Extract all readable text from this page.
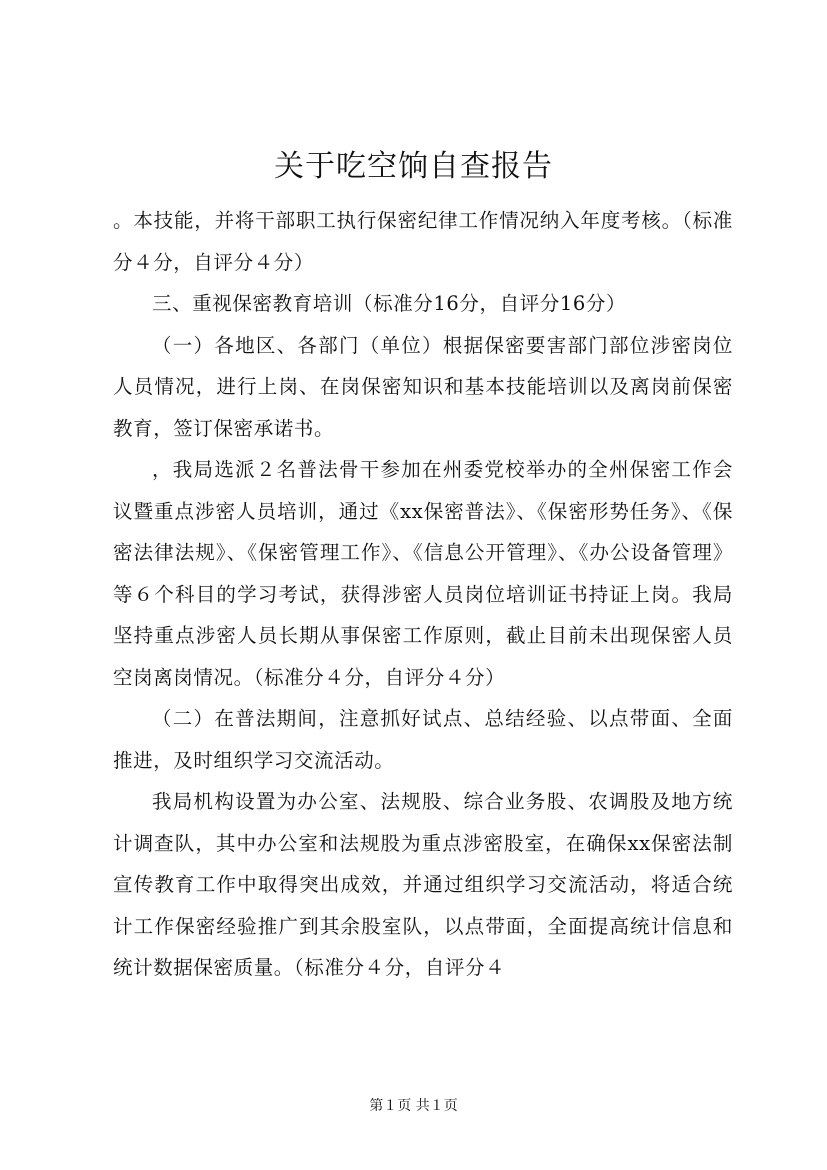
关于吃空饷自查报告

。本技能，并将干部职工执行保密纪律工作情况纳入年度考核。（标准分４分，自评分４分）

三、重视保密教育培训（标准分16分，自评分16分）

（一）各地区、各部门（单位）根据保密要害部门部位涉密岗位人员情况，进行上岗、在岗保密知识和基本技能培训以及离岗前保密教育，签订保密承诺书。

，我局选派２名普法骨干参加在州委党校举办的全州保密工作会议暨重点涉密人员培训，通过《xx保密普法》、《保密形势任务》、《保密法律法规》、《保密管理工作》、《信息公开管理》、《办公设备管理》等６个科目的学习考试，获得涉密人员岗位培训证书持证上岗。我局坚持重点涉密人员长期从事保密工作原则，截止目前未出现保密人员空岗离岗情况。（标准分４分，自评分４分）

（二）在普法期间，注意抓好试点、总结经验、以点带面、全面推进，及时组织学习交流活动。

我局机构设置为办公室、法规股、综合业务股、农调股及地方统计调查队，其中办公室和法规股为重点涉密股室，在确保xx保密法制宣传教育工作中取得突出成效，并通过组织学习交流活动，将适合统计工作保密经验推广到其余股室队，以点带面，全面提高统计信息和统计数据保密质量。（标准分４分，自评分４

第１页 共１页
